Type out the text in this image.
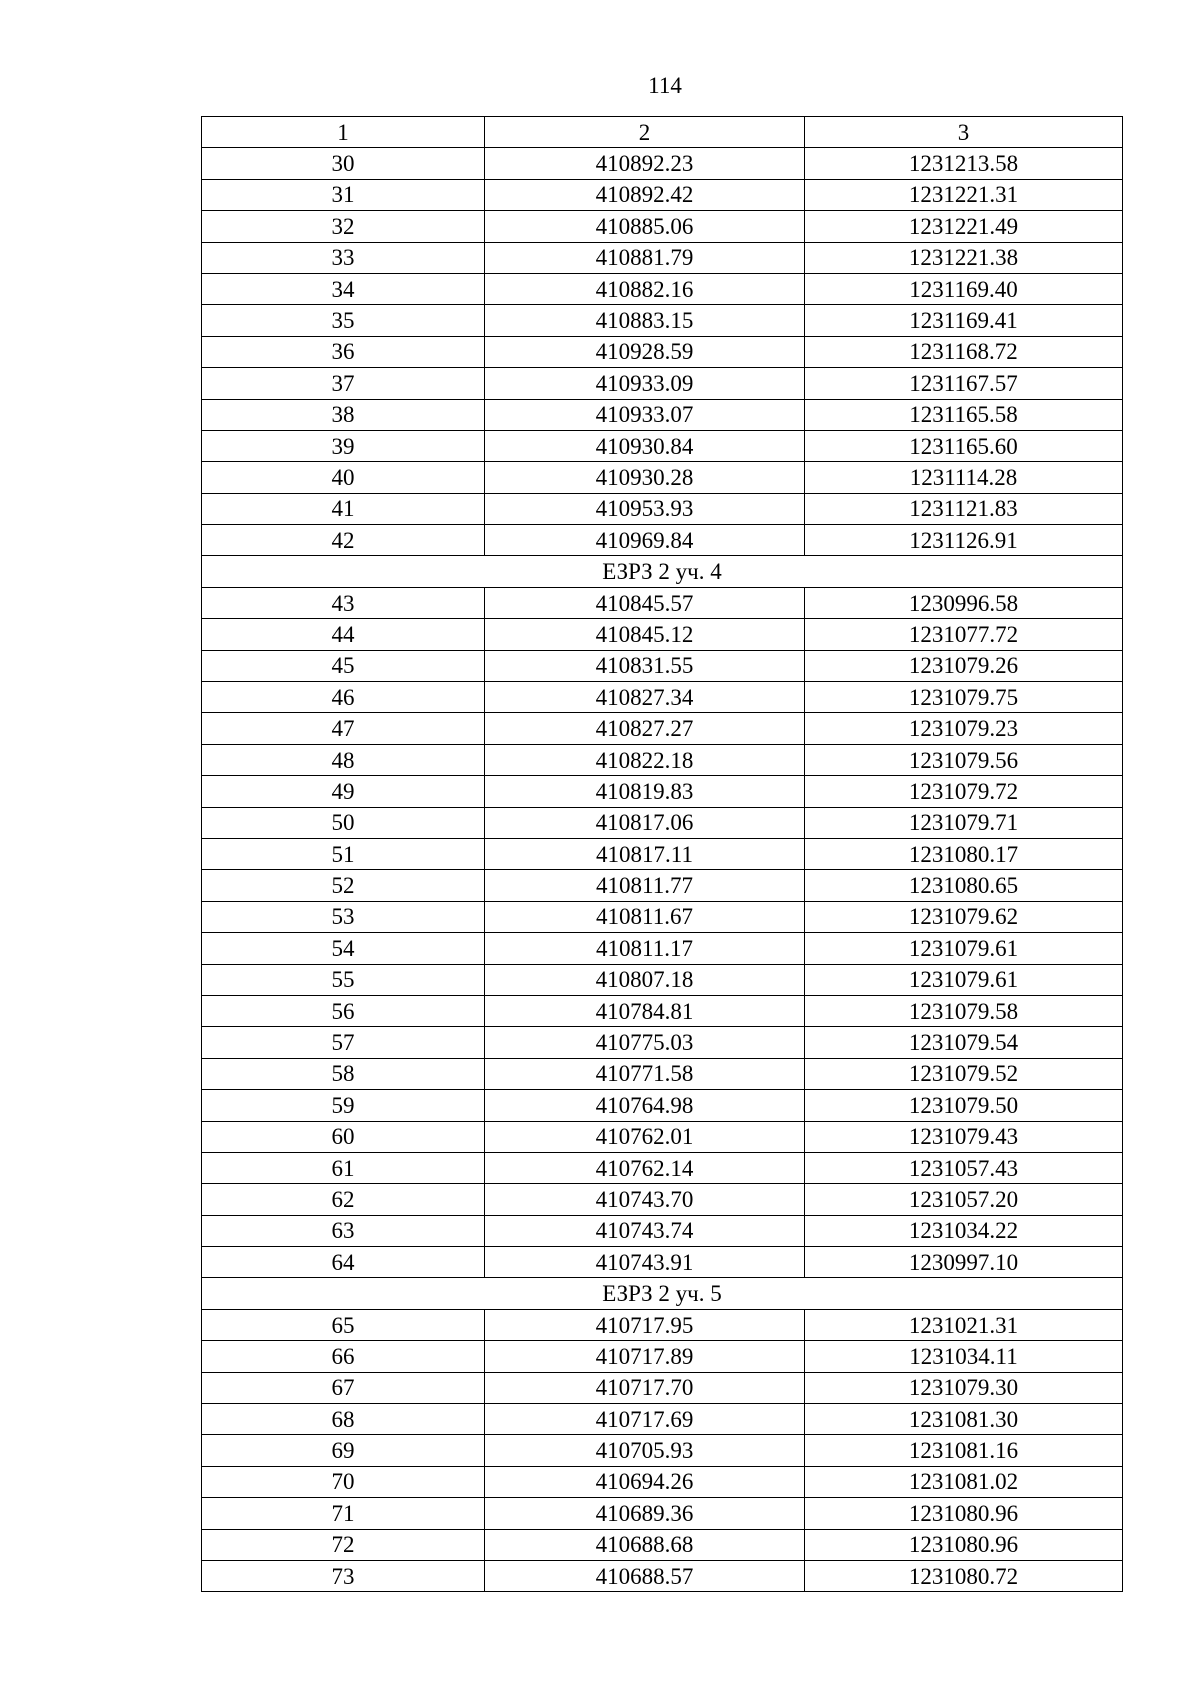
114
1	2	3
30	410892.23	1231213.58
31	410892.42	1231221.31
32	410885.06	1231221.49
33	410881.79	1231221.38
34	410882.16	1231169.40
35	410883.15	1231169.41
36	410928.59	1231168.72
37	410933.09	1231167.57
38	410933.07	1231165.58
39	410930.84	1231165.60
40	410930.28	1231114.28
41	410953.93	1231121.83
42	410969.84	1231126.91
ЕЗРЗ 2 уч. 4		
43	410845.57	1230996.58
44	410845.12	1231077.72
45	410831.55	1231079.26
46	410827.34	1231079.75
47	410827.27	1231079.23
48	410822.18	1231079.56
49	410819.83	1231079.72
50	410817.06	1231079.71
51	410817.11	1231080.17
52	410811.77	1231080.65
53	410811.67	1231079.62
54	410811.17	1231079.61
55	410807.18	1231079.61
56	410784.81	1231079.58
57	410775.03	1231079.54
58	410771.58	1231079.52
59	410764.98	1231079.50
60	410762.01	1231079.43
61	410762.14	1231057.43
62	410743.70	1231057.20
63	410743.74	1231034.22
64	410743.91	1230997.10
ЕЗРЗ 2 уч. 5		
65	410717.95	1231021.31
66	410717.89	1231034.11
67	410717.70	1231079.30
68	410717.69	1231081.30
69	410705.93	1231081.16
70	410694.26	1231081.02
71	410689.36	1231080.96
72	410688.68	1231080.96
73	410688.57	1231080.72
